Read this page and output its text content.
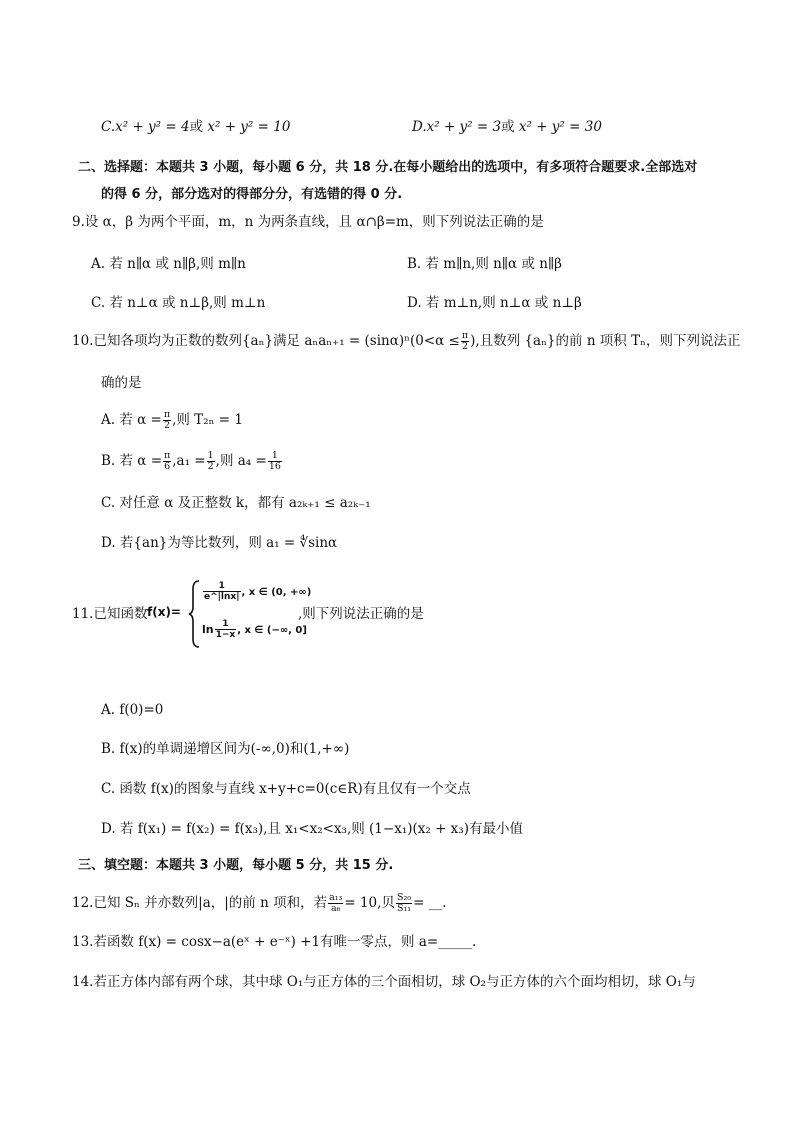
C.x² + y² = 4或 x² + y² = 10	D.x² + y² = 3或 x² + y² = 30
二、选择题：本题共 3 小题，每小题 6 分，共 18 分.在每小题给出的选项中，有多项符合题要求.全部选对
的得 6 分，部分选对的得部分分，有选错的得 0 分.
9.设 α，β 为两个平面，m，n 为两条直线，且 α∩β=m，则下列说法正确的是
A. 若 n∥α 或 n∥β,则 m∥n	B. 若 m∥n,则 n∥α 或 n∥β
C. 若 n⊥α 或 n⊥β,则 m⊥n	D. 若 m⊥n,则 n⊥α 或 n⊥β
10.已知各项均为正数的数列{aₙ}满足 $a_na_{n+1} = (\sin\alpha)^n(0<\alpha \le \frac{\pi}{2}$ ),且数列 {aₙ}的前 n 项积 Tₙ，则下列说法正
确的是
A. 若 $\alpha = \frac{\pi}{2}$ ,则 T₂ₙ = 1
B. 若 $\alpha = \frac{\pi}{6} ,a_1 = \frac{1}{2}$ ,则 $a_4 = \frac{1}{16}$
C. 对任意 α 及正整数 k，都有 a₂ₖ₊₁ ≤ a₂ₖ₋₁
D. 若{an}为等比数列，则 a₁ = ∜sinα
11.已知函数 f(x)=
$\frac{1}{e\^{}|\ln x|}$ , x ∈ (0, +∞)
$\ln \frac{1}{1-x}$ , x ∈ (−∞, 0]
,则下列说法正确的是
A. f(0)=0
B. f(x)的单调递增区间为(-∞,0)和(1,+∞)
C. 函数 f(x)的图象与直线 x+y+c=0(c∈R)有且仅有一个交点
D. 若 f(x₁) = f(x₂) = f(x₃),且 x₁<x₂<x₃,则 (1−x₁)(x₂ + x₃)有最小值
三、填空题：本题共 3 小题，每小题 5 分，共 15 分.
12.已知 Sₙ 并亦数列|a，|的前 n 项和，若 $\frac{\text{a₁₃}}{\text{a₆}} = 10$,贝 $\frac{\text{S₂₀}}{\text{S₁₁}}$ = __.
13.若函数 f(x) = cosx−a(eˣ + e⁻ˣ) +1有唯一零点，则 a=_____.
14.若正方体内部有两个球，其中球 O₁与正方体的三个面相切，球 O₂与正方体的六个面均相切，球 O₁与
